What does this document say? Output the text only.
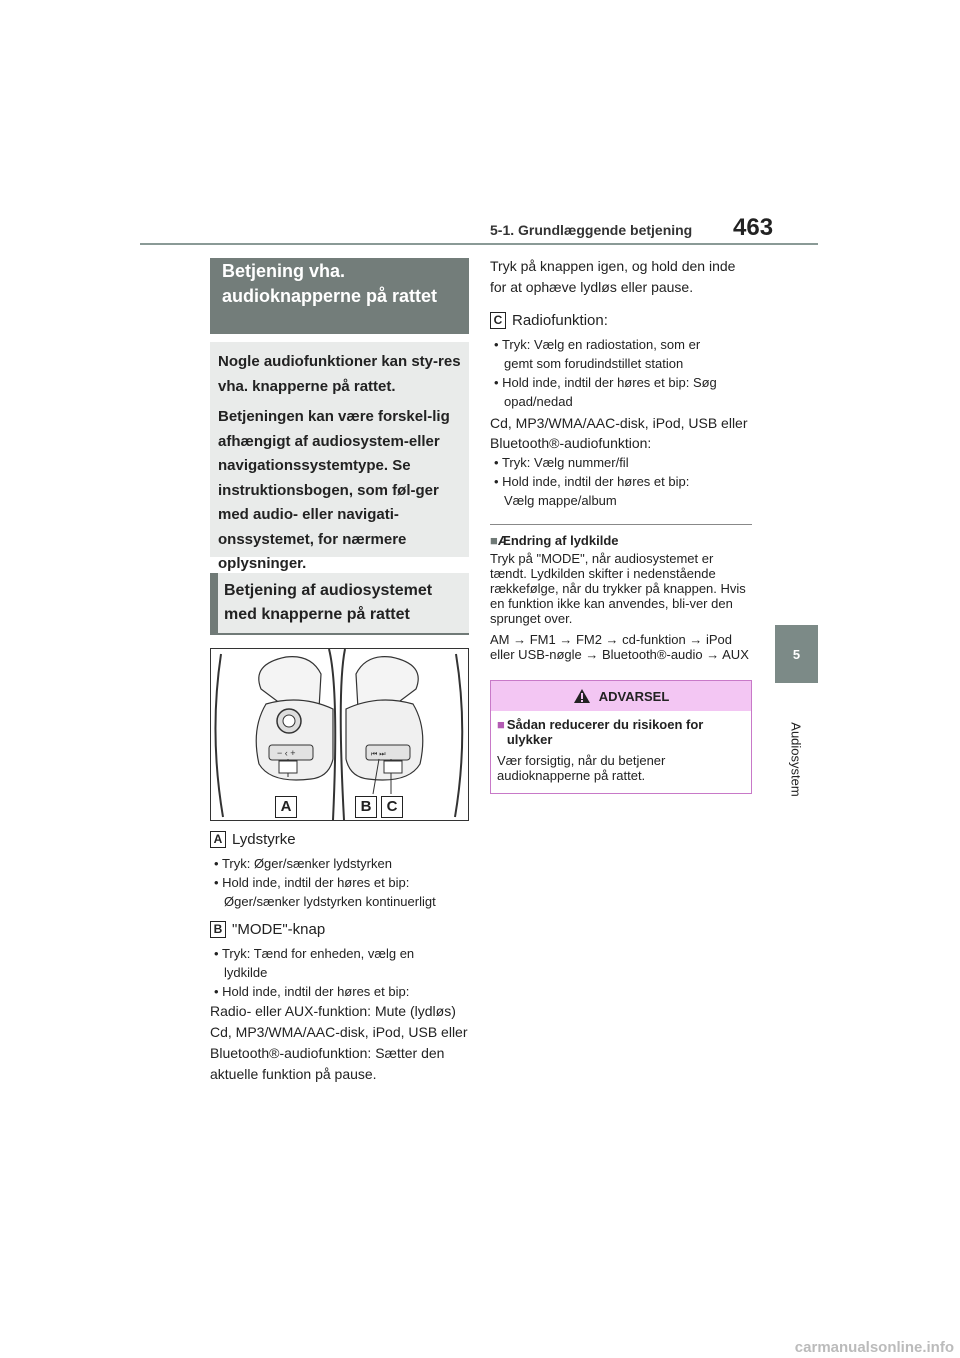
5-1. Grundlæggende betjening 463
5
Audiosystem
Betjening vha. audioknapperne på rattet

Nogle audiofunktioner kan sty-res vha. knapperne på rattet.

Betjeningen kan være forskel-lig afhængigt af audiosystem-eller navigationssystemtype. Se instruktionsbogen, som føl-ger med audio- eller navigati-onssystemet, for nærmere oplysninger.

Betjening af audiosystemet med knapperne på rattet
− ‹ +	⏮ ⏭
A	B	C
A Lydstyrke
• Tryk: Øger/sænker lydstyrken
• Hold inde, indtil der høres et bip:
Øger/sænker lydstyrken kontinuerligt
B "MODE"-knap
• Tryk: Tænd for enheden, vælg en
lydkilde
• Hold inde, indtil der høres et bip:
Radio- eller AUX-funktion: Mute (lydløs) Cd, MP3/WMA/AAC-disk, iPod, USB eller Bluetooth®-audiofunktion: Sætter den aktuelle funktion på pause.
Tryk på knappen igen, og hold den inde for at ophæve lydløs eller pause.
C Radiofunktion:
• Tryk: Vælg en radiostation, som er
gemt som forudindstillet station
• Hold inde, indtil der høres et bip: Søg
opad/nedad
Cd, MP3/WMA/AAC-disk, iPod, USB eller Bluetooth®-audiofunktion:
• Tryk: Vælg nummer/fil
• Hold inde, indtil der høres et bip:
Vælg mappe/album
■Ændring af lydkilde
Tryk på "MODE", når audiosystemet er tændt. Lydkilden skifter i nedenstående rækkefølge, når du trykker på knappen. Hvis en funktion ikke kan anvendes, bli-ver den sprunget over.
AM → FM1 → FM2 → cd-funktion → iPod eller USB-nøgle → Bluetooth®-audio → AUX
ADVARSEL
■ Sådan reducerer du risikoen for ulykker
Vær forsigtig, når du betjener audioknapperne på rattet.
carmanualsonline.info
